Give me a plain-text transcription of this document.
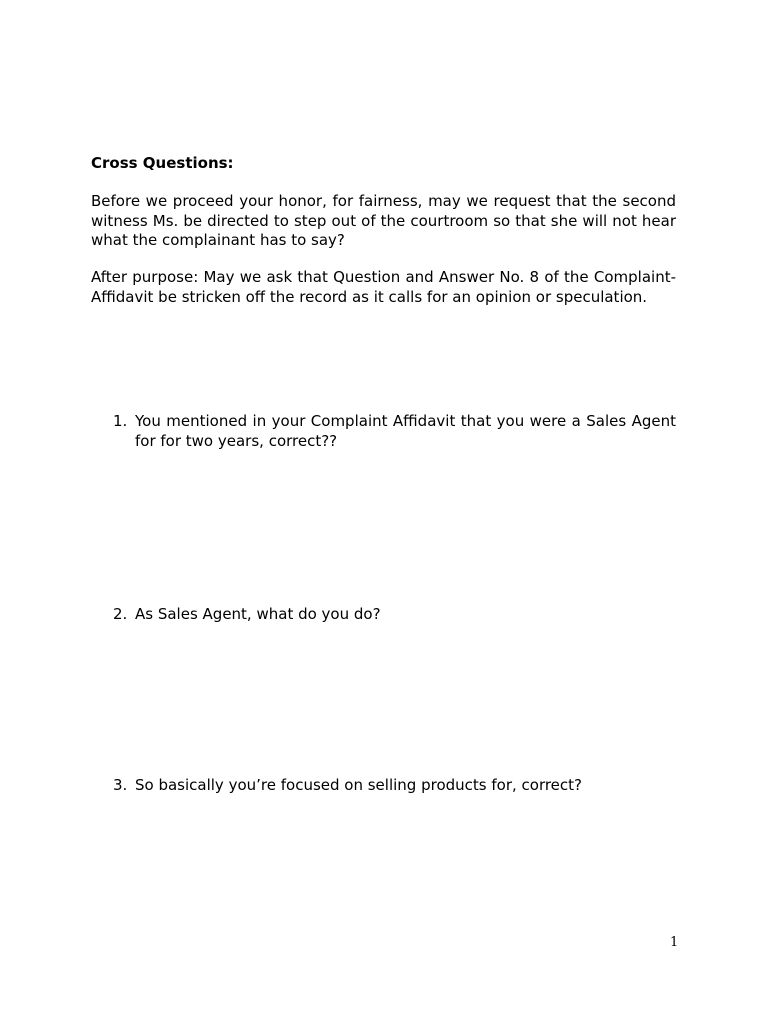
Cross Questions:
Before we proceed your honor, for fairness, may we request that the second witness Ms. be directed to step out of the courtroom so that she will not hear what the complainant has to say?
After purpose: May we ask that Question and Answer No. 8 of the Complaint-Affidavit be stricken off the record as it calls for an opinion or speculation.
1. You mentioned in your Complaint Affidavit that you were a Sales Agent for for two years, correct??
2. As Sales Agent, what do you do?
3. So basically you’re focused on selling products for, correct?
1
